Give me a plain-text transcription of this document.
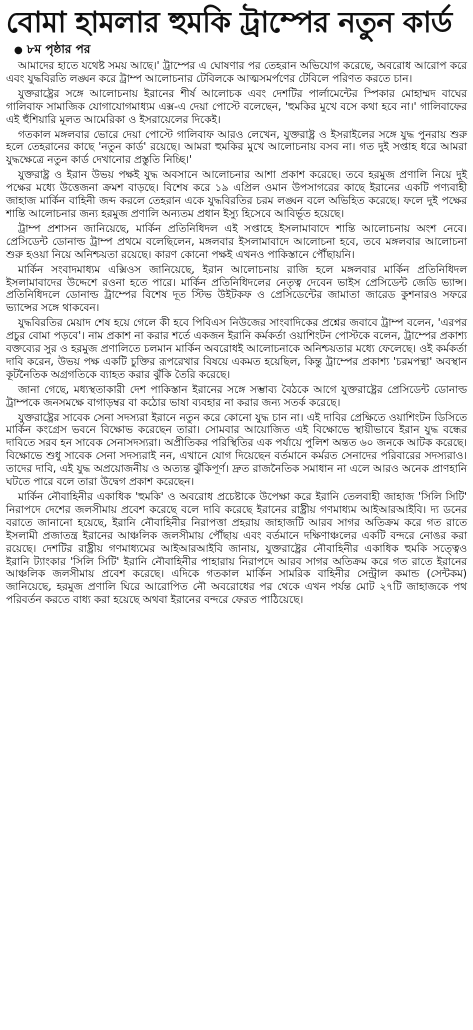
বোমা হামলার হুমকি ট্রাম্পের নতুন কার্ড
● ৮ম পৃষ্ঠার পর

আমাদের হাতে যথেষ্ট সময় আছে।' ট্রাম্পের এ ঘোষণার পর তেহরান অভিযোগ করেছে, অবরোধ আরোপ করে এবং যুদ্ধবিরতি লঙ্ঘন করে ট্রাম্প আলোচনার টেবিলকে আত্মসমর্পণের টেবিলে পরিণত করতে চান।

যুক্তরাষ্ট্রের সঙ্গে আলোচনায় ইরানের শীর্ষ আলোচক এবং দেশটির পার্লামেন্টের স্পিকার মোহাম্মদ বাঘের গালিবাফ সামাজিক যোগাযোগমাধ্যম এক্স-এ দেয়া পোস্টে বলেছেন, 'হুমকির মুখে বসে কথা হবে না।' গালিবাফের এই হুঁশিয়ারি মূলত আমেরিকা ও ইসরায়েলের দিকেই।

গতকাল মঙ্গলবার ভোরে দেয়া পোস্টে গালিবাফ আরও লেখেন, যুক্তরাষ্ট্র ও ইসরাইলের সঙ্গে যুদ্ধ পুনরায় শুরু হলে তেহরানের কাছে 'নতুন কার্ড' রয়েছে। আমরা হুমকির মুখে আলোচনায় বসব না। গত দুই সপ্তাহ ধরে আমরা যুদ্ধক্ষেত্রে নতুন কার্ড দেখানোর প্রস্তুতি নিচ্ছি।'

যুক্তরাষ্ট্র ও ইরান উভয় পক্ষই যুদ্ধ অবসানে আলোচনার আশা প্রকাশ করেছে। তবে হরমুজ প্রণালি নিয়ে দুই পক্ষের মধ্যে উত্তেজনা ক্রমশ বাড়ছে। বিশেষ করে ১৯ এপ্রিল ওমান উপসাগরের কাছে ইরানের একটি পণ্যবাহী জাহাজ মার্কিন বাহিনী জব্দ করলে তেহরান একে যুদ্ধবিরতির চরম লঙ্ঘন বলে অভিহিত করেছে। ফলে দুই পক্ষের শান্তি আলোচনার জন্য হরমুজ প্রণালি অন্যতম প্রধান ইস্যু হিসেবে আবির্ভূত হয়েছে।

ট্রাম্প প্রশাসন জানিয়েছে, মার্কিন প্রতিনিধিদল এই সপ্তাহে ইসলামাবাদে শান্তি আলোচনায় অংশ নেবে। প্রেসিডেন্ট ডোনাল্ড ট্রাম্প প্রথমে বলেছিলেন, মঙ্গলবার ইসলামাবাদে আলোচনা হবে, তবে মঙ্গলবার আলোচনা শুরু হওয়া নিয়ে অনিশ্চয়তা রয়েছে। কারণ কোনো পক্ষই এখনও পাকিস্তানে পৌঁছায়নি।

মার্কিন সংবাদমাধ্যম এক্সিওস জানিয়েছে, ইরান আলোচনায় রাজি হলে মঙ্গলবার মার্কিন প্রতিনিধিদল ইসলামাবাদের উদ্দেশে রওনা হতে পারে। মার্কিন প্রতিনিধিদলের নেতৃত্ব দেবেন ভাইস প্রেসিডেন্ট জেডি ভ্যান্স। প্রতিনিধিদলে ডোনাল্ড ট্রাম্পের বিশেষ দূত স্টিভ উইটকফ ও প্রেসিডেন্টের জামাতা জারেড কুশনারও সফরে ভ্যান্সের সঙ্গে থাকবেন।

যুদ্ধবিরতির মেয়াদ শেষ হয়ে গেলে কী হবে পিবিএস নিউজের সাংবাদিকের প্রশ্নের জবাবে ট্রাম্প বলেন, 'এরপর প্রচুর বোমা পড়বে'। নাম প্রকাশ না করার শর্তে একজন ইরানি কর্মকর্তা ওয়াশিংটন পোস্টকে বলেন, ট্রাম্পের প্রকাশ্য বক্তব্যের সুর ও হরমুজ প্রণালিতে চলমান মার্কিন অবরোধই আলোচনাকে অনিশ্চয়তার মধ্যে ফেলেছে। ওই কর্মকর্তা দাবি করেন, উভয় পক্ষ একটি চুক্তির রূপরেখার বিষয়ে একমত হয়েছিল, কিন্তু ট্রাম্পের প্রকাশ্য 'চরমপন্থা' অবস্থান কূটনৈতিক অগ্রগতিকে ব্যাহত করার ঝুঁকি তৈরি করেছে।

জানা গেছে, মধ্যস্থতাকারী দেশ পাকিস্তান ইরানের সঙ্গে সম্ভাব্য বৈঠকে আগে যুক্তরাষ্ট্রের প্রেসিডেন্ট ডোনাল্ড ট্রাম্পকে জনসমক্ষে বাগাড়ম্বর বা কঠোর ভাষা ব্যবহার না করার জন্য সতর্ক করেছে।

যুক্তরাষ্ট্রের সাবেক সেনা সদস্যরা ইরানে নতুন করে কোনো যুদ্ধ চান না। এই দাবির প্রেক্ষিতে ওয়াশিংটন ডিসিতে মার্কিন কংগ্রেস ভবনে বিক্ষোভ করেছেন তারা। সোমবার আয়োজিত এই বিক্ষোভে স্থায়ীভাবে ইরান যুদ্ধ বন্ধের দাবিতে সরব হন সাবেক সেনাসদস্যরা। অপ্রীতিকর পরিস্থিতির এক পর্যায়ে পুলিশ অন্তত ৬০ জনকে আটক করেছে। বিক্ষোভে শুধু সাবেক সেনা সদস্যরাই নন, এখানে যোগ দিয়েছেন বর্তমানে কর্মরত সেনাদের পরিবারের সদস্যরাও। তাদের দাবি, এই যুদ্ধ অপ্রয়োজনীয় ও অত্যন্ত ঝুঁকিপূর্ণ। দ্রুত রাজনৈতিক সমাধান না এলে আরও অনেক প্রাণহানি ঘটতে পারে বলে তারা উদ্বেগ প্রকাশ করেছেন।

মার্কিন নৌবাহিনীর একাধিক 'হুমকি' ও অবরোধ প্রচেষ্টাকে উপেক্ষা করে ইরানি তেলবাহী জাহাজ 'সিলি সিটি' নিরাপদে দেশের জলসীমায় প্রবেশ করেছে বলে দাবি করেছে ইরানের রাষ্ট্রীয় গণমাধ্যম আইআরআইবি। দ্য ডনের বরাতে জানানো হয়েছে, ইরানি নৌবাহিনীর নিরাপত্তা প্রহরায় জাহাজটি আরব সাগর অতিক্রম করে গত রাতে ইসলামী প্রজাতন্ত্র ইরানের আঞ্চলিক জলসীমায় পৌঁছায় এবং বর্তমানে দক্ষিণাঞ্চলের একটি বন্দরে নোঙর করা রয়েছে। দেশটির রাষ্ট্রীয় গণমাধ্যমের আইআরআইবি জানায়, যুক্তরাষ্ট্রের নৌবাহিনীর একাধিক হুমকি সত্ত্বেও ইরানি ট্যাংকার 'সিলি সিটি' ইরানি নৌবাহিনীর পাহারায় নিরাপদে আরব সাগর অতিক্রম করে গত রাতে ইরানের আঞ্চলিক জলসীমায় প্রবেশ করেছে। এদিকে গতকাল মার্কিন সামরিক বাহিনীর সেন্ট্রাল কমান্ড (সেন্টকম) জানিয়েছে, হরমুজ প্রণালি ঘিরে আরোপিত নৌ অবরোধের পর থেকে এখন পর্যন্ত মোট ২৭টি জাহাজকে পথ পরিবর্তন করতে বাধ্য করা হয়েছে অথবা ইরানের বন্দরে ফেরত পাঠিয়েছে।
